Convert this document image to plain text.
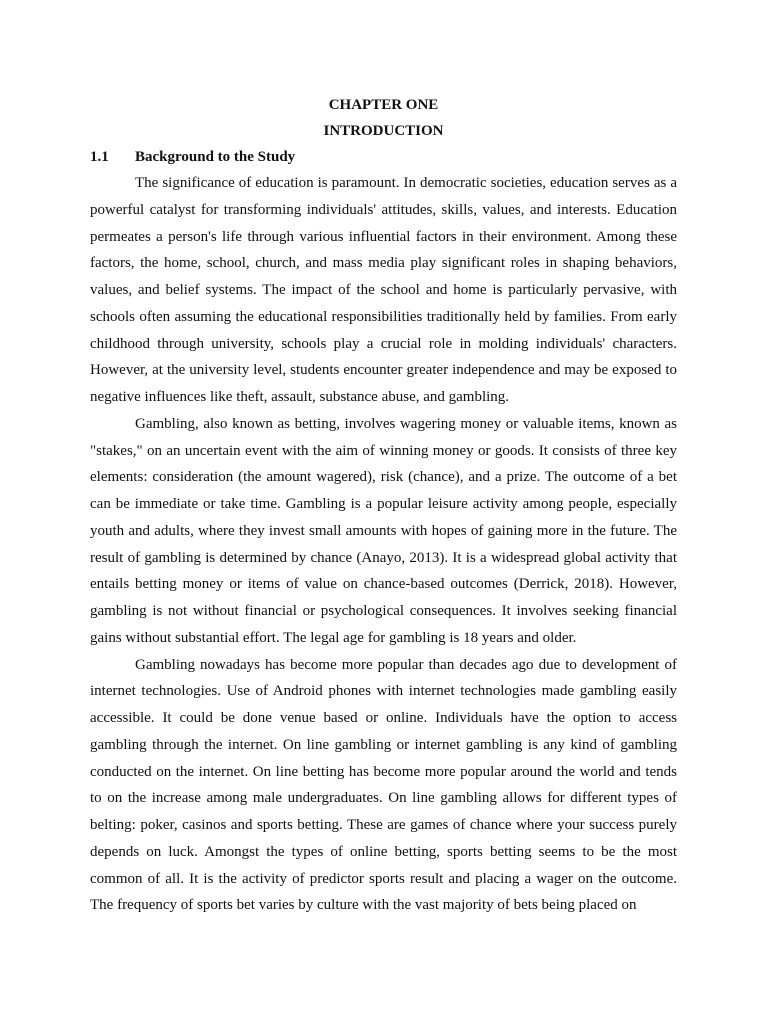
CHAPTER ONE
INTRODUCTION
1.1	Background to the Study

The significance of education is paramount. In democratic societies, education serves as a powerful catalyst for transforming individuals' attitudes, skills, values, and interests. Education permeates a person's life through various influential factors in their environment. Among these factors, the home, school, church, and mass media play significant roles in shaping behaviors, values, and belief systems. The impact of the school and home is particularly pervasive, with schools often assuming the educational responsibilities traditionally held by families. From early childhood through university, schools play a crucial role in molding individuals' characters. However, at the university level, students encounter greater independence and may be exposed to negative influences like theft, assault, substance abuse, and gambling.

Gambling, also known as betting, involves wagering money or valuable items, known as "stakes," on an uncertain event with the aim of winning money or goods. It consists of three key elements: consideration (the amount wagered), risk (chance), and a prize. The outcome of a bet can be immediate or take time. Gambling is a popular leisure activity among people, especially youth and adults, where they invest small amounts with hopes of gaining more in the future. The result of gambling is determined by chance (Anayo, 2013). It is a widespread global activity that entails betting money or items of value on chance-based outcomes (Derrick, 2018). However, gambling is not without financial or psychological consequences. It involves seeking financial gains without substantial effort. The legal age for gambling is 18 years and older.

Gambling nowadays has become more popular than decades ago due to development of internet technologies. Use of Android phones with internet technologies made gambling easily accessible. It could be done venue based or online. Individuals have the option to access gambling through the internet. On line gambling or internet gambling is any kind of gambling conducted on the internet. On line betting has become more popular around the world and tends to on the increase among male undergraduates. On line gambling allows for different types of belting: poker, casinos and sports betting. These are games of chance where your success purely depends on luck. Amongst the types of online betting, sports betting seems to be the most common of all. It is the activity of predictor sports result and placing a wager on the outcome. The frequency of sports bet varies by culture with the vast majority of bets being placed on
